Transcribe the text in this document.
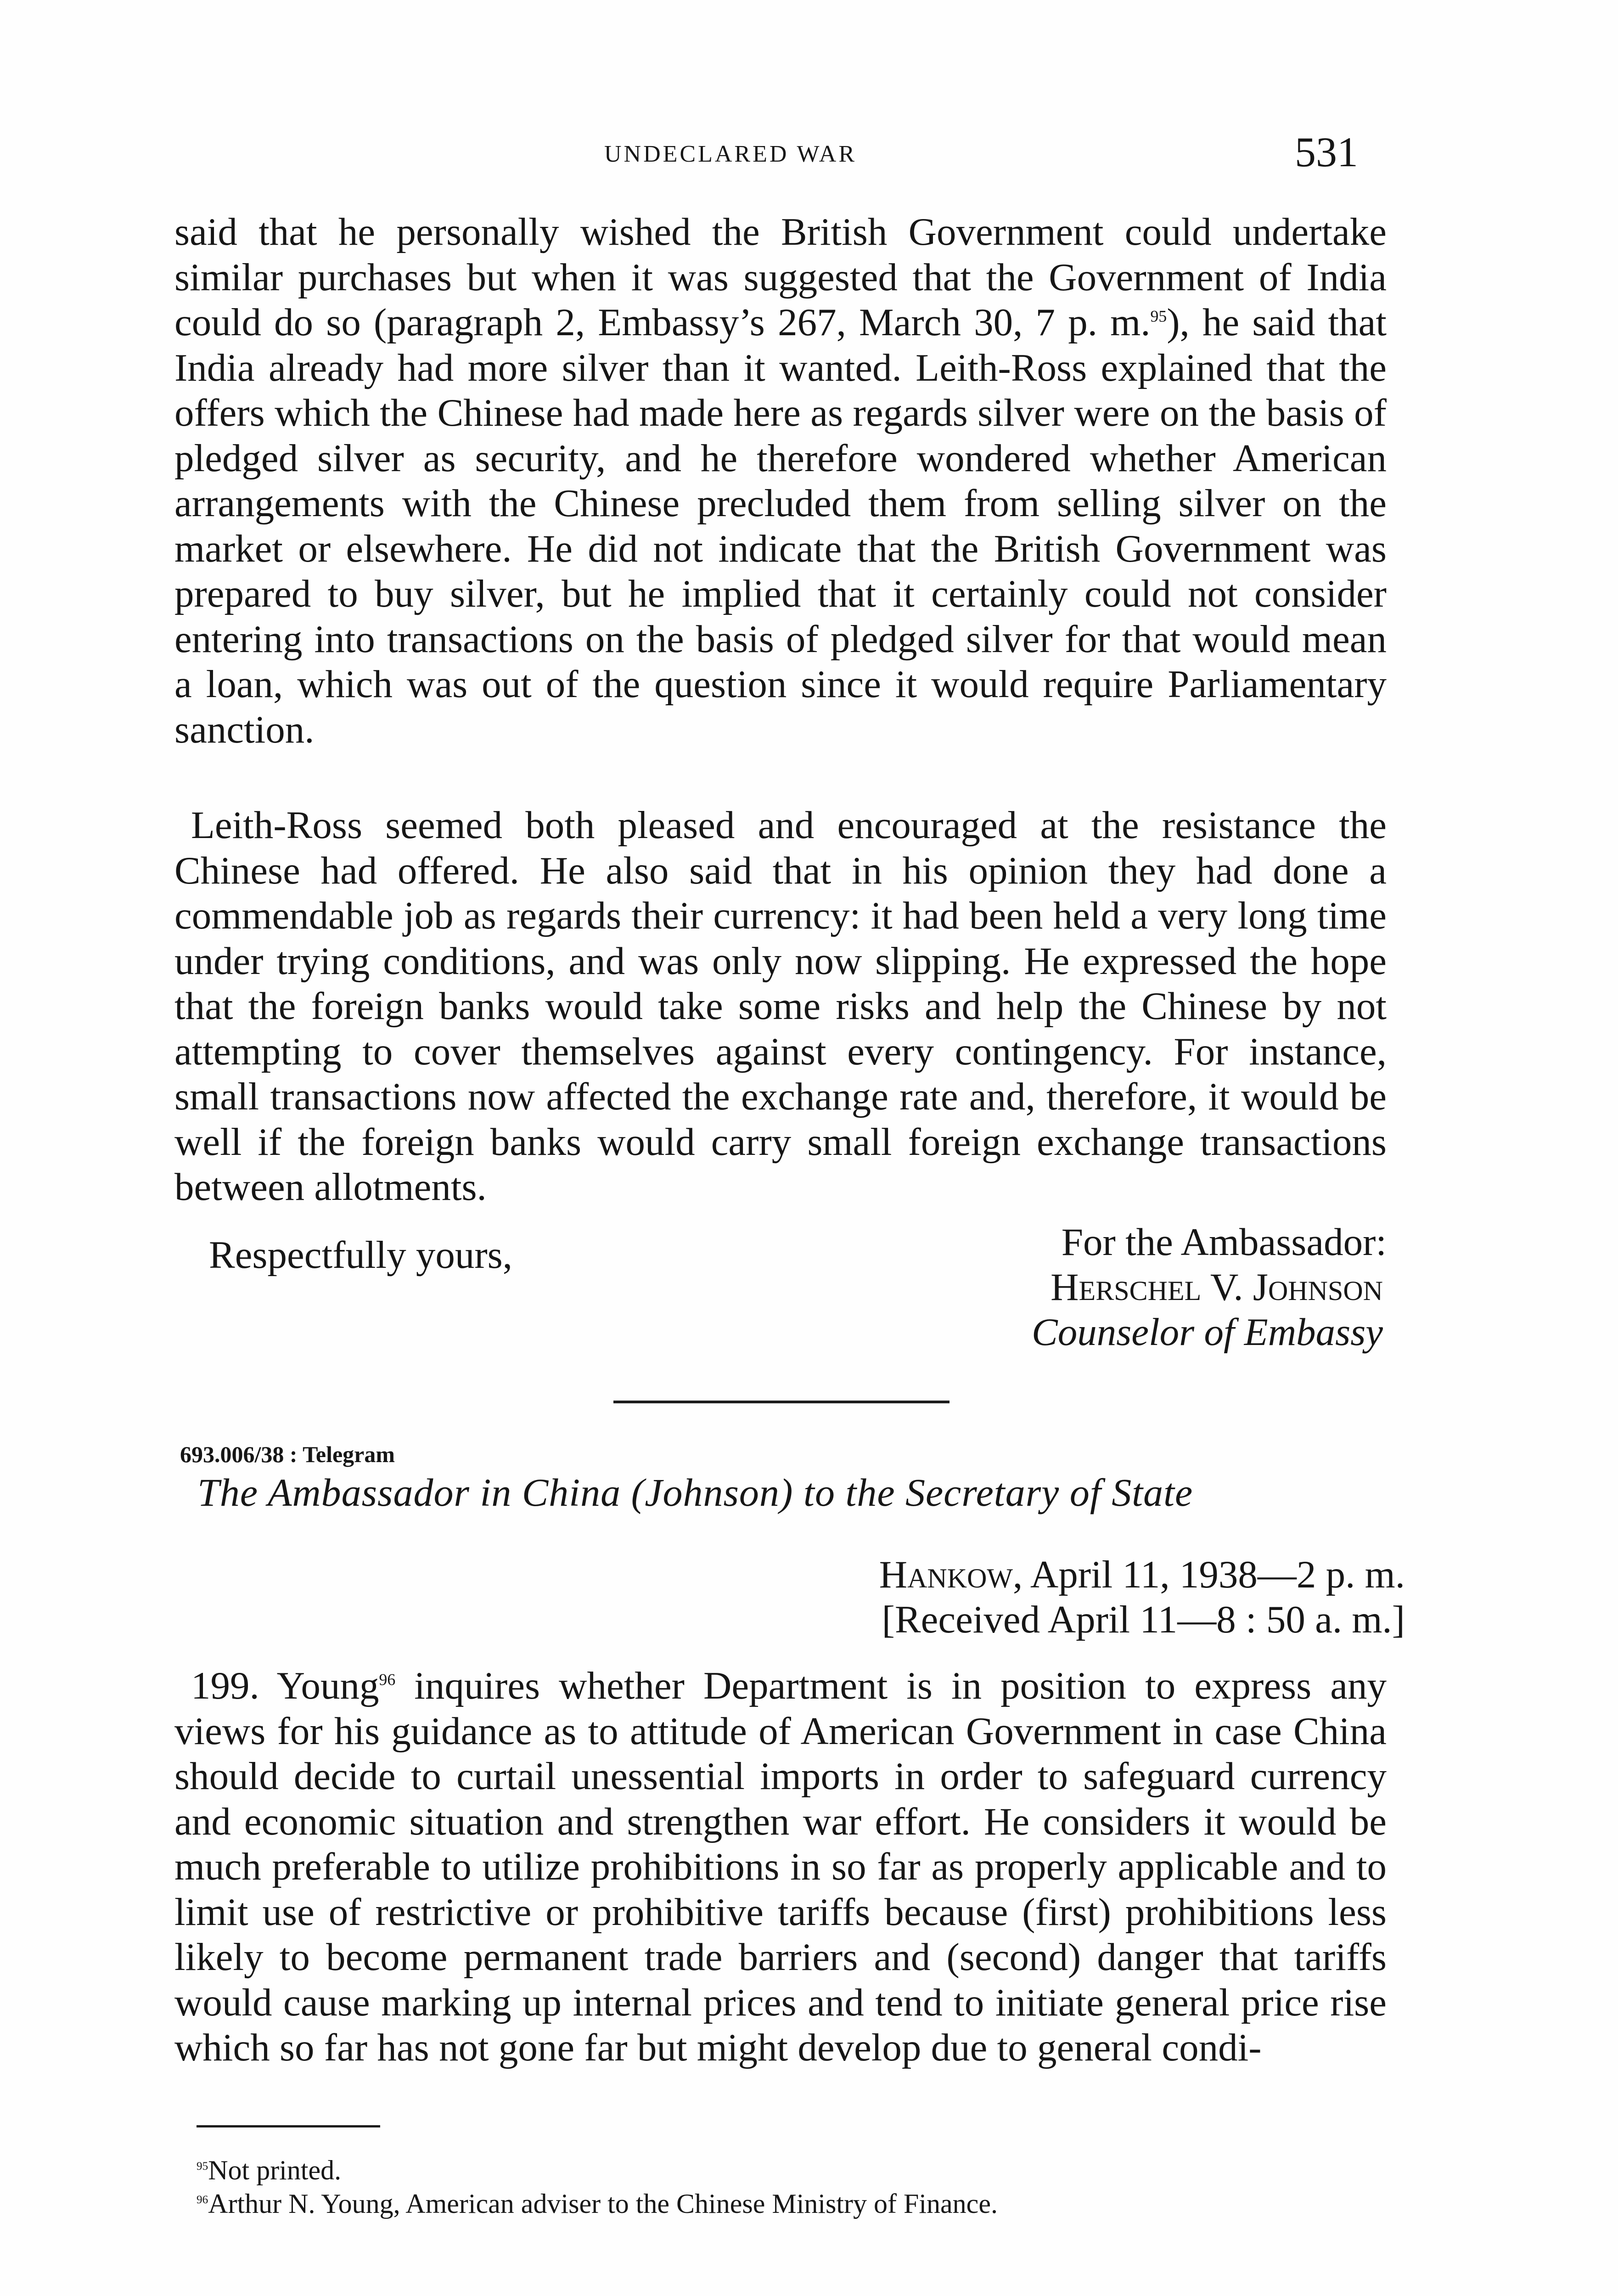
UNDECLARED WAR	531

said that he personally wished the British Government could undertake similar purchases but when it was suggested that the Government of India could do so (paragraph 2, Embassy’s 267, March 30, 7 p. m.$^{95}$), he said that India already had more silver than it wanted. Leith-Ross explained that the offers which the Chinese had made here as regards silver were on the basis of pledged silver as security, and he therefore wondered whether American arrangements with the Chinese precluded them from selling silver on the market or elsewhere. He did not indicate that the British Government was prepared to buy silver, but he implied that it certainly could not consider entering into transactions on the basis of pledged silver for that would mean a loan, which was out of the question since it would require Parliamentary sanction.

Leith-Ross seemed both pleased and encouraged at the resistance the Chinese had offered. He also said that in his opinion they had done a commendable job as regards their currency: it had been held a very long time under trying conditions, and was only now slipping. He expressed the hope that the foreign banks would take some risks and help the Chinese by not attempting to cover themselves against every contingency. For instance, small transactions now affected the exchange rate and, therefore, it would be well if the foreign banks would carry small foreign exchange transactions between allotments.

Respectfully yours,	For the Ambassador:
Herschel V. Johnson
Counselor of Embassy
693.006/38 : Telegram
The Ambassador in China (Johnson) to the Secretary of State
Hankow, April 11, 1938—2 p. m.
[Received April 11—8 : 50 a. m.]

199. Young$^{96}$ inquires whether Department is in position to express any views for his guidance as to attitude of American Government in case China should decide to curtail unessential imports in order to safeguard currency and economic situation and strengthen war effort. He considers it would be much preferable to utilize prohibitions in so far as properly applicable and to limit use of restrictive or prohibitive tariffs because (first) prohibitions less likely to become permanent trade barriers and (second) danger that tariffs would cause marking up internal prices and tend to initiate general price rise which so far has not gone far but might develop due to general condi-

$^{95}$Not printed.
$^{96}$Arthur N. Young, American adviser to the Chinese Ministry of Finance.
